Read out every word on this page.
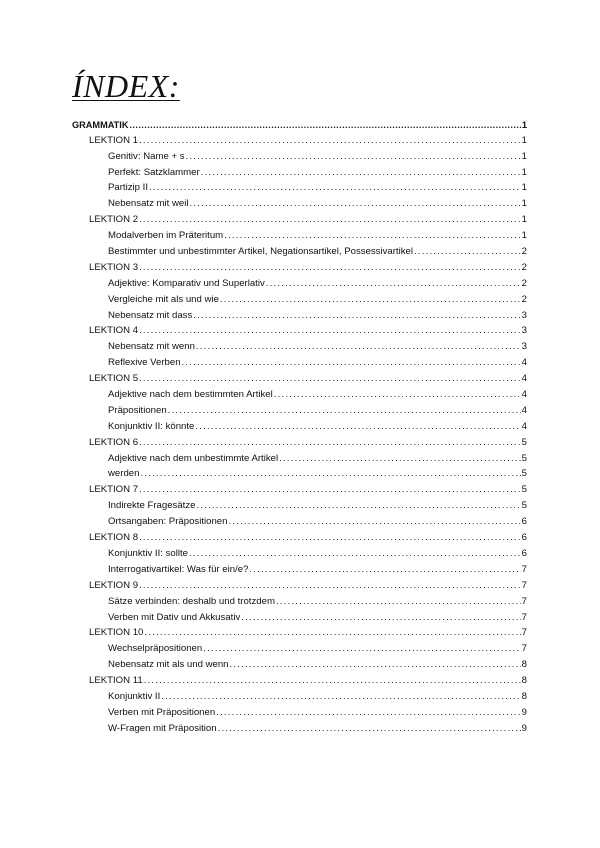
ÍNDEX:
GRAMMATIK .....	1
LEKTION 1 .....	1
Genitiv: Name + s .....	1
Perfekt: Satzklammer .....	1
Partizip II .....	1
Nebensatz mit weil .....	1
LEKTION 2 .....	1
Modalverben im Präteritum .....	1
Bestimmter und unbestimmter Artikel, Negationsartikel, Possessivartikel .....	2
LEKTION 3 .....	2
Adjektive: Komparativ und Superlativ .....	2
Vergleiche mit als und wie .....	2
Nebensatz mit dass .....	3
LEKTION 4 .....	3
Nebensatz mit wenn .....	3
Reflexive Verben .....	4
LEKTION 5 .....	4
Adjektive nach dem bestimmten Artikel .....	4
Präpositionen .....	4
Konjunktiv II: könnte .....	4
LEKTION 6 .....	5
Adjektive nach dem unbestimmte Artikel .....	5
werden .....	5
LEKTION 7 .....	5
Indirekte Fragesätze .....	5
Ortsangaben: Präpositionen .....	6
LEKTION 8 .....	6
Konjunktiv II: sollte .....	6
Interrogativartikel: Was für ein/e? .....	7
LEKTION 9 .....	7
Sätze verbinden: deshalb und trotzdem .....	7
Verben mit Dativ und Akkusativ .....	7
LEKTION 10 .....	7
Wechselpräpositionen .....	7
Nebensatz mit als und wenn .....	8
LEKTION 11 .....	8
Konjunktiv II .....	8
Verben mit Präpositionen .....	9
W-Fragen mit Präposition .....	9
